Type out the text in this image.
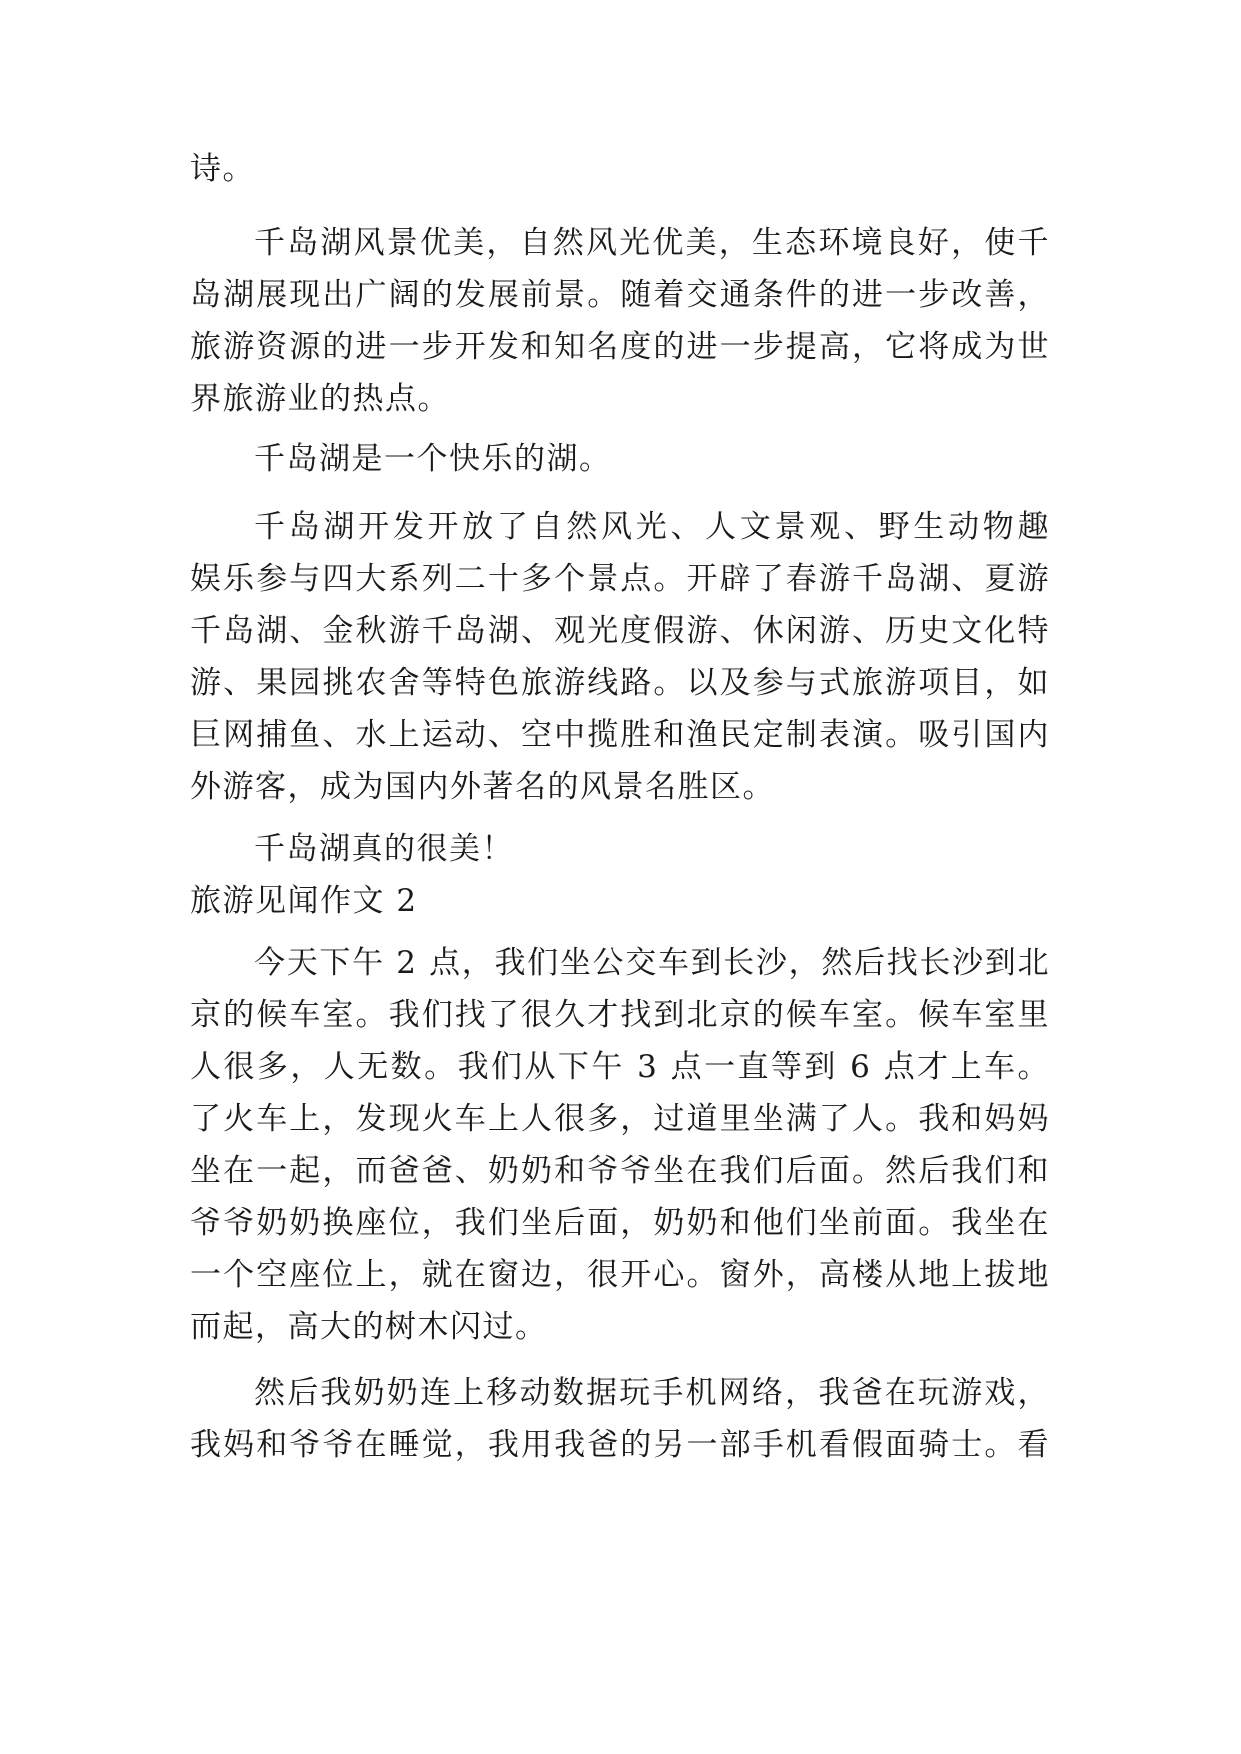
诗。
千岛湖风景优美，自然风光优美，生态环境良好，使千
岛湖展现出广阔的发展前景。随着交通条件的进一步改善，
旅游资源的进一步开发和知名度的进一步提高，它将成为世
界旅游业的热点。
千岛湖是一个快乐的湖。
千岛湖开发开放了自然风光、人文景观、野生动物趣
娱乐参与四大系列二十多个景点。开辟了春游千岛湖、夏游
千岛湖、金秋游千岛湖、观光度假游、休闲游、历史文化特
游、果园挑农舍等特色旅游线路。以及参与式旅游项目，如
巨网捕鱼、水上运动、空中揽胜和渔民定制表演。吸引国内
外游客，成为国内外著名的风景名胜区。
千岛湖真的很美！
旅游见闻作文 2
今天下午 2 点，我们坐公交车到长沙，然后找长沙到北
京的候车室。我们找了很久才找到北京的候车室。候车室里
人很多，人无数。我们从下午 3 点一直等到 6 点才上车。
了火车上，发现火车上人很多，过道里坐满了人。我和妈妈
坐在一起，而爸爸、奶奶和爷爷坐在我们后面。然后我们和
爷爷奶奶换座位，我们坐后面，奶奶和他们坐前面。我坐在
一个空座位上，就在窗边，很开心。窗外，高楼从地上拔地
而起，高大的树木闪过。
然后我奶奶连上移动数据玩手机网络，我爸在玩游戏，
我妈和爷爷在睡觉，我用我爸的另一部手机看假面骑士。看
